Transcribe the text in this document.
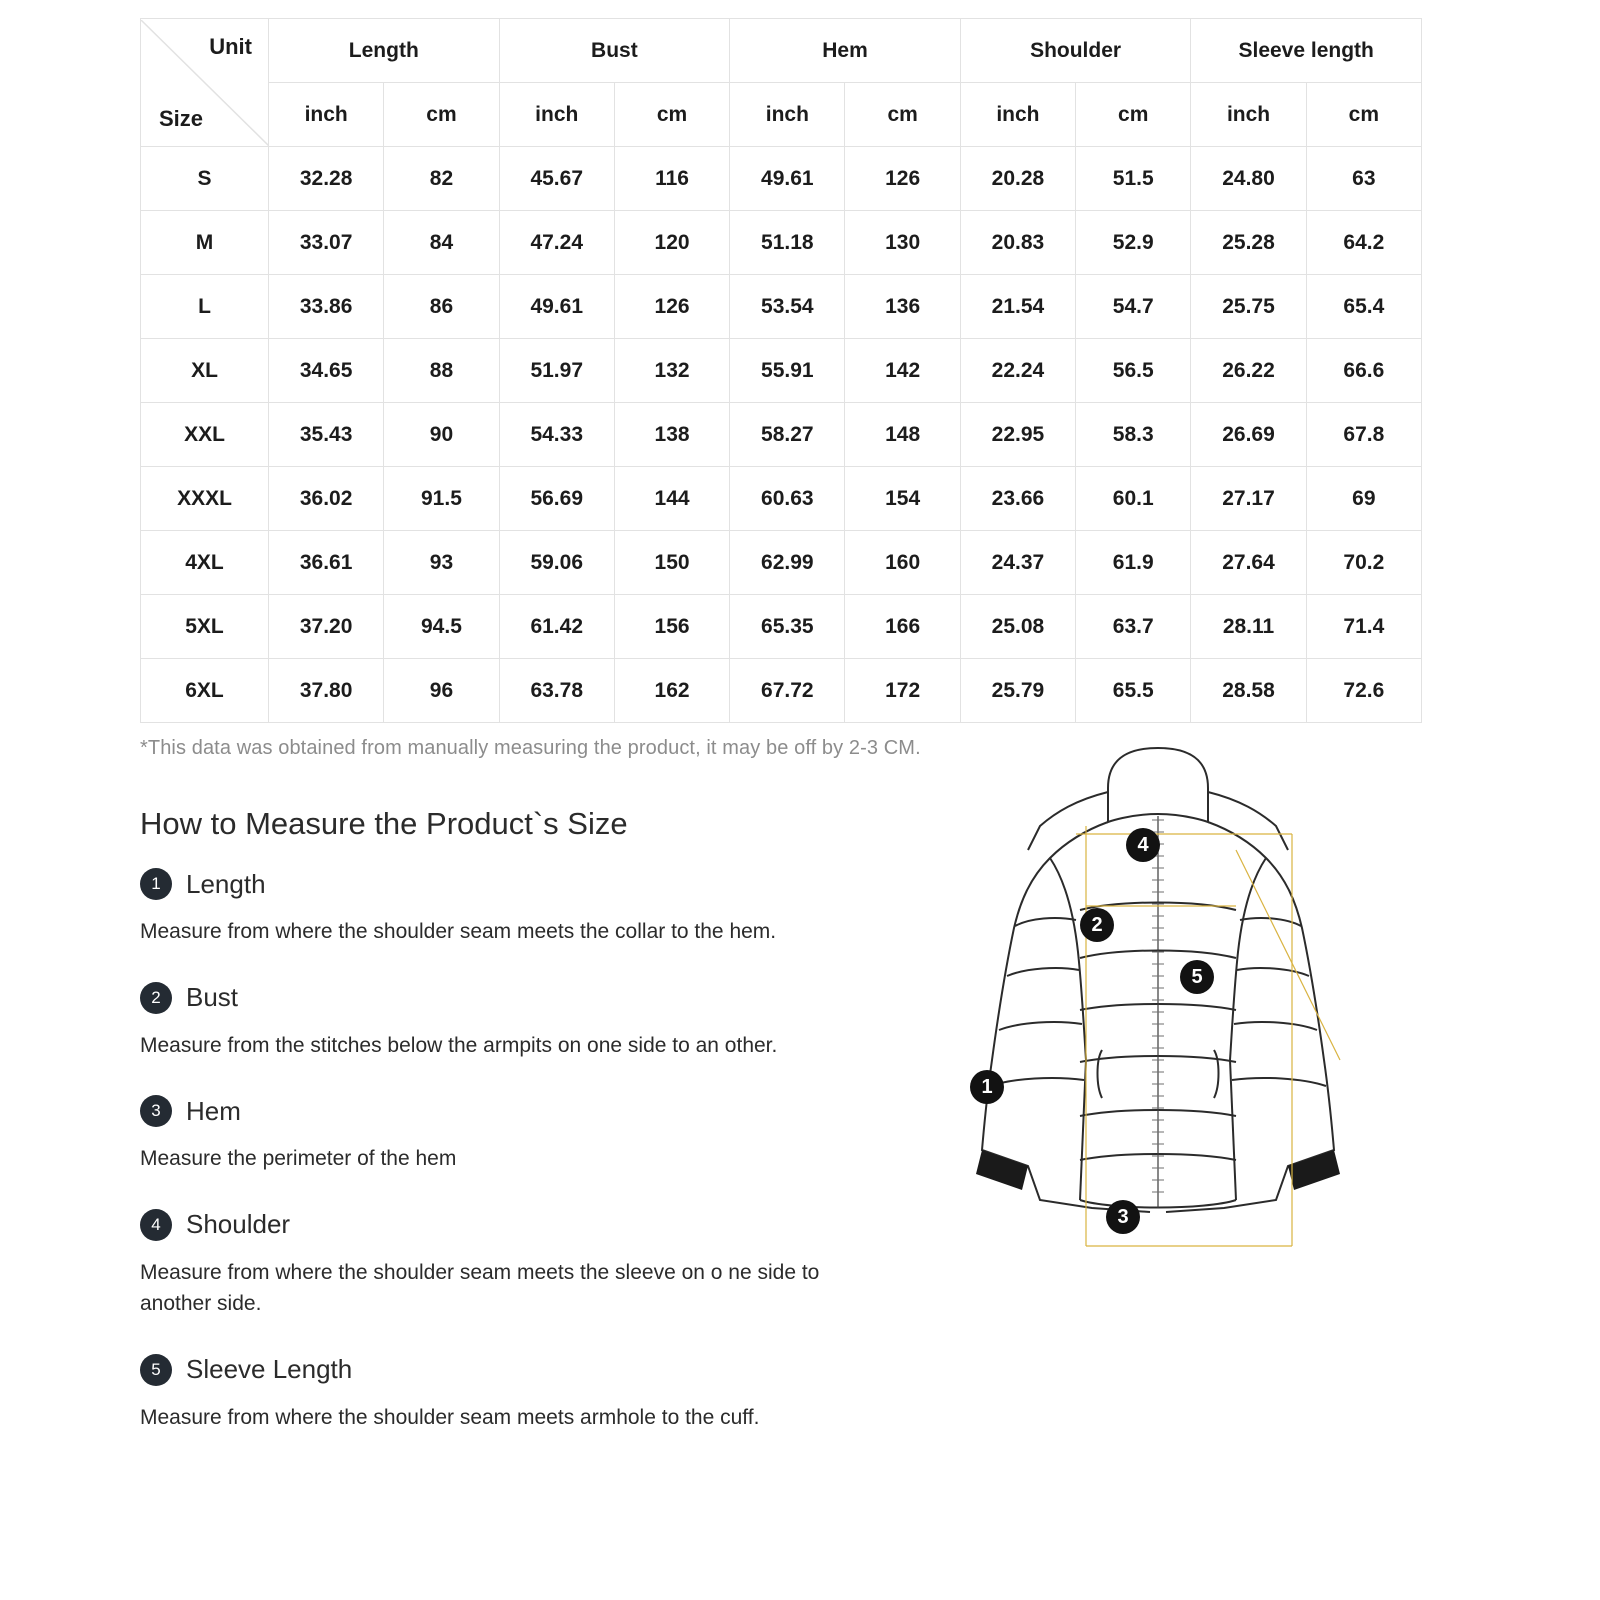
Unit
Size	Length		Bust		Hem		Shoulder		Sleeve length	
	inch	cm	inch	cm	inch	cm	inch	cm	inch	cm
S	32.28	82	45.67	116	49.61	126	20.28	51.5	24.80	63
M	33.07	84	47.24	120	51.18	130	20.83	52.9	25.28	64.2
L	33.86	86	49.61	126	53.54	136	21.54	54.7	25.75	65.4
XL	34.65	88	51.97	132	55.91	142	22.24	56.5	26.22	66.6
XXL	35.43	90	54.33	138	58.27	148	22.95	58.3	26.69	67.8
XXXL	36.02	91.5	56.69	144	60.63	154	23.66	60.1	27.17	69
4XL	36.61	93	59.06	150	62.99	160	24.37	61.9	27.64	70.2
5XL	37.20	94.5	61.42	156	65.35	166	25.08	63.7	28.11	71.4
6XL	37.80	96	63.78	162	67.72	172	25.79	65.5	28.58	72.6
*This data was obtained from manually measuring the product, it may be off by 2-3 CM.
How to Measure the Product`s Size
1 Length
Measure from where the shoulder seam meets the collar to the hem.
2 Bust
Measure from the stitches below the armpits on one side to an other.
3 Hem
Measure the perimeter of the hem
4 Shoulder
Measure from where the shoulder seam meets the sleeve on o ne side to another side.
5 Sleeve Length
Measure from where the shoulder seam meets armhole to the cuff.
4
2
5
1
3
